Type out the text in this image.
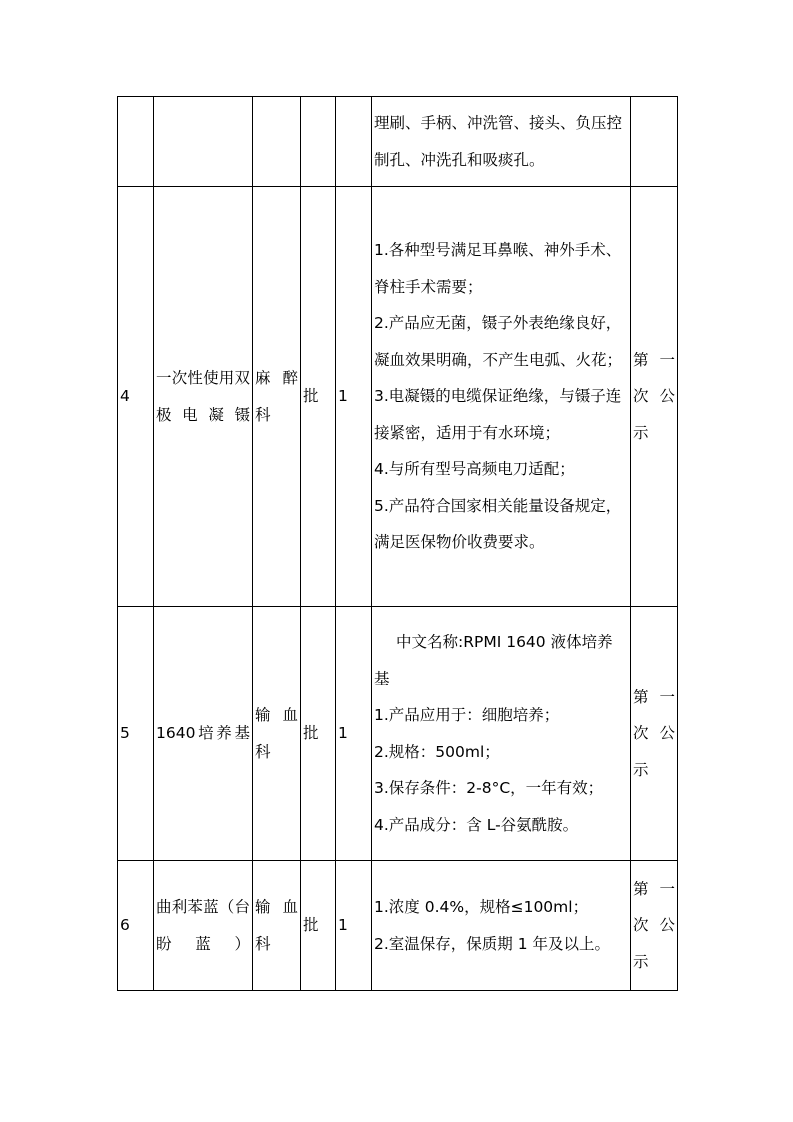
					理刷、手柄、冲洗管、接头、负压控制孔、冲洗孔和吸痰孔。	

4	一次性使用双极电凝镊	麻醉科	批	1	1.各种型号满足耳鼻喉、神外手术、脊柱手术需要；

2.产品应无菌，镊子外表绝缘良好，凝血效果明确，不产生电弧、火花；

3.电凝镊的电缆保证绝缘，与镊子连接紧密，适用于有水环境；

4.与所有型号高频电刀适配；

5.产品符合国家相关能量设备规定，满足医保物价收费要求。	第一次公示
5	1640培养基	输血科	批	1	中文名称:RPMI 1640 液体培养基

1.产品应用于：细胞培养；

2.规格：500ml；

3.保存条件：2-8°C，一年有效；

4.产品成分：含 L-谷氨酰胺。	第一次公示
6	曲利苯蓝（台盼蓝）	输血科	批	1	1.浓度 0.4%，规格≤100ml；

2.室温保存，保质期 1 年及以上。	第一次公示
